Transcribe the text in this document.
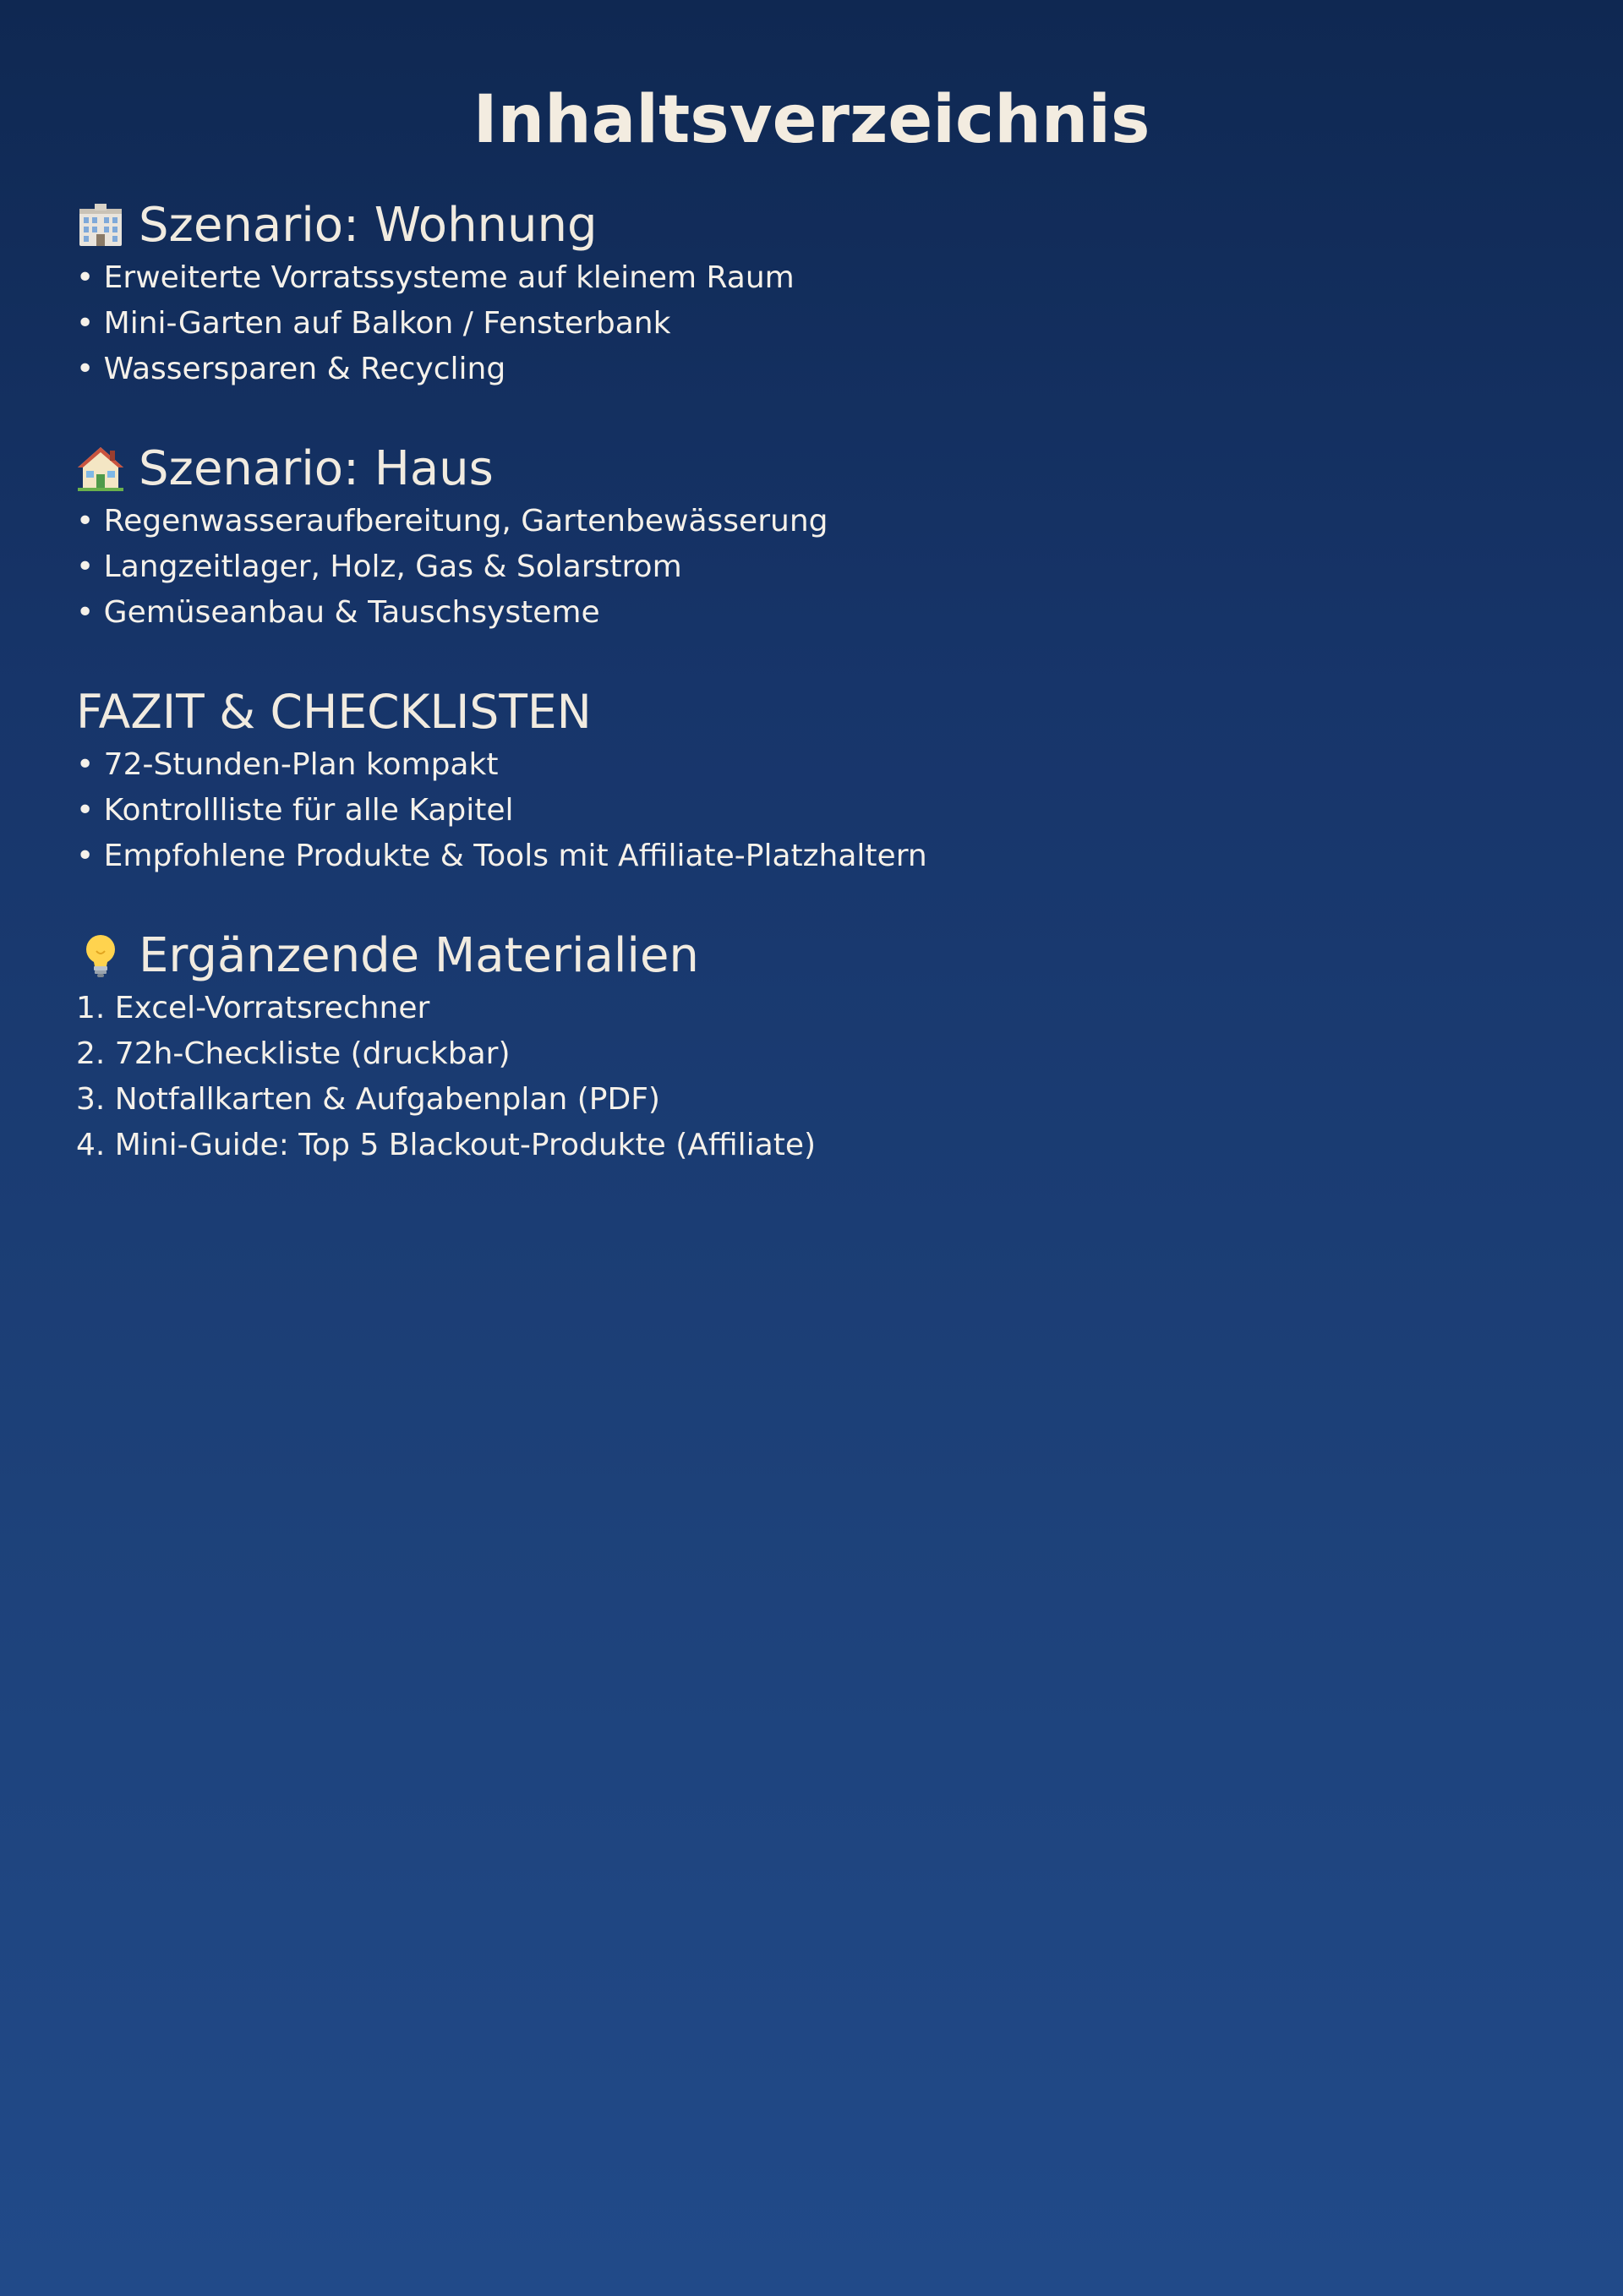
Inhaltsverzeichnis
Szenario: Wohnung
• Erweiterte Vorratssysteme auf kleinem Raum
• Mini-Garten auf Balkon / Fensterbank
• Wassersparen & Recycling
Szenario: Haus
• Regenwasseraufbereitung, Gartenbewässerung
• Langzeitlager, Holz, Gas & Solarstrom
• Gemüseanbau & Tauschsysteme
FAZIT & CHECKLISTEN
• 72-Stunden-Plan kompakt
• Kontrollliste für alle Kapitel
• Empfohlene Produkte & Tools mit Affiliate-Platzhaltern
Ergänzende Materialien
1. Excel-Vorratsrechner
2. 72h-Checkliste (druckbar)
3. Notfallkarten & Aufgabenplan (PDF)
4. Mini-Guide: Top 5 Blackout-Produkte (Affiliate)
